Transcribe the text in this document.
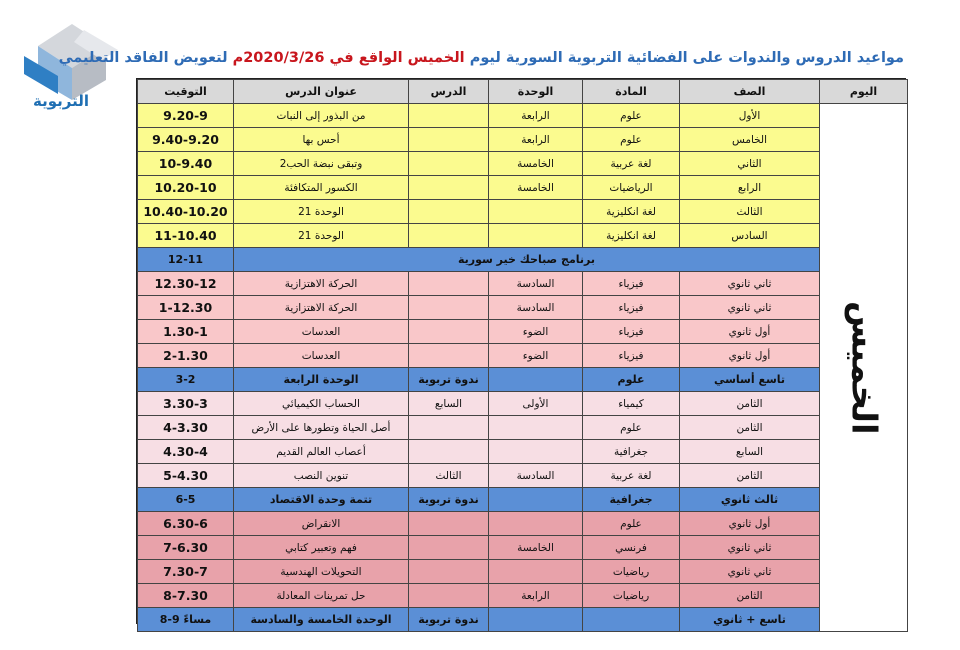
التربوية
مواعيد الدروس والندوات على الفضائية التربوية السورية ليوم الخميس الواقع في 2020/3/26م لتعويض الفاقد التعليمي
اليوم	الصف	المادة	الوحدة	الدرس	عنوان الدرس	التوقيت
الخميس	الأول	علوم	الرابعة		من البذور إلى النبات	9.20-9
	الخامس	علوم	الرابعة		أحس بها	9.40-9.20
	الثاني	لغة عربية	الخامسة		وتبقى نبضة الحب2	10-9.40
	الرابع	الرياضيات	الخامسة		الكسور المتكافئة	10.20-10
	الثالث	لغة انكليزية			الوحدة 21	10.40-10.20
	السادس	لغة انكليزية			الوحدة 21	11-10.40
	برنامج صباحك خير سورية					12-11
	ثاني ثانوي	فيزياء	السادسة		الحركة الاهتزازية	12.30-12
	ثاني ثانوي	فيزياء	السادسة		الحركة الاهتزازية	1-12.30
	أول ثانوي	فيزياء	الضوء		العدسات	1.30-1
	أول ثانوي	فيزياء	الضوء		العدسات	2-1.30
	تاسع أساسي	علوم		ندوة تربوية	الوحدة الرابعة	3-2
	الثامن	كيمياء	الأولى	السابع	الحساب الكيميائي	3.30-3
	الثامن	علوم			أصل الحياة وتطورها على الأرض	4-3.30
	السابع	جغرافية			أعصاب العالم القديم	4.30-4
	الثامن	لغة عربية	السادسة	الثالث	تنوين النصب	5-4.30
	ثالث ثانوي	جغرافية		ندوة تربوية	تتمة وحدة الاقتصاد	6-5
	أول ثانوي	علوم			الانقراض	6.30-6
	ثاني ثانوي	فرنسي	الخامسة		فهم وتعبير كتابي	7-6.30
	ثاني ثانوي	رياضيات			التحويلات الهندسية	7.30-7
	الثامن	رياضيات	الرابعة		حل تمرينات المعادلة	8-7.30
	تاسع + ثانوي			ندوة تربوية	الوحدة الخامسة والسادسة	8-9 مساءً
